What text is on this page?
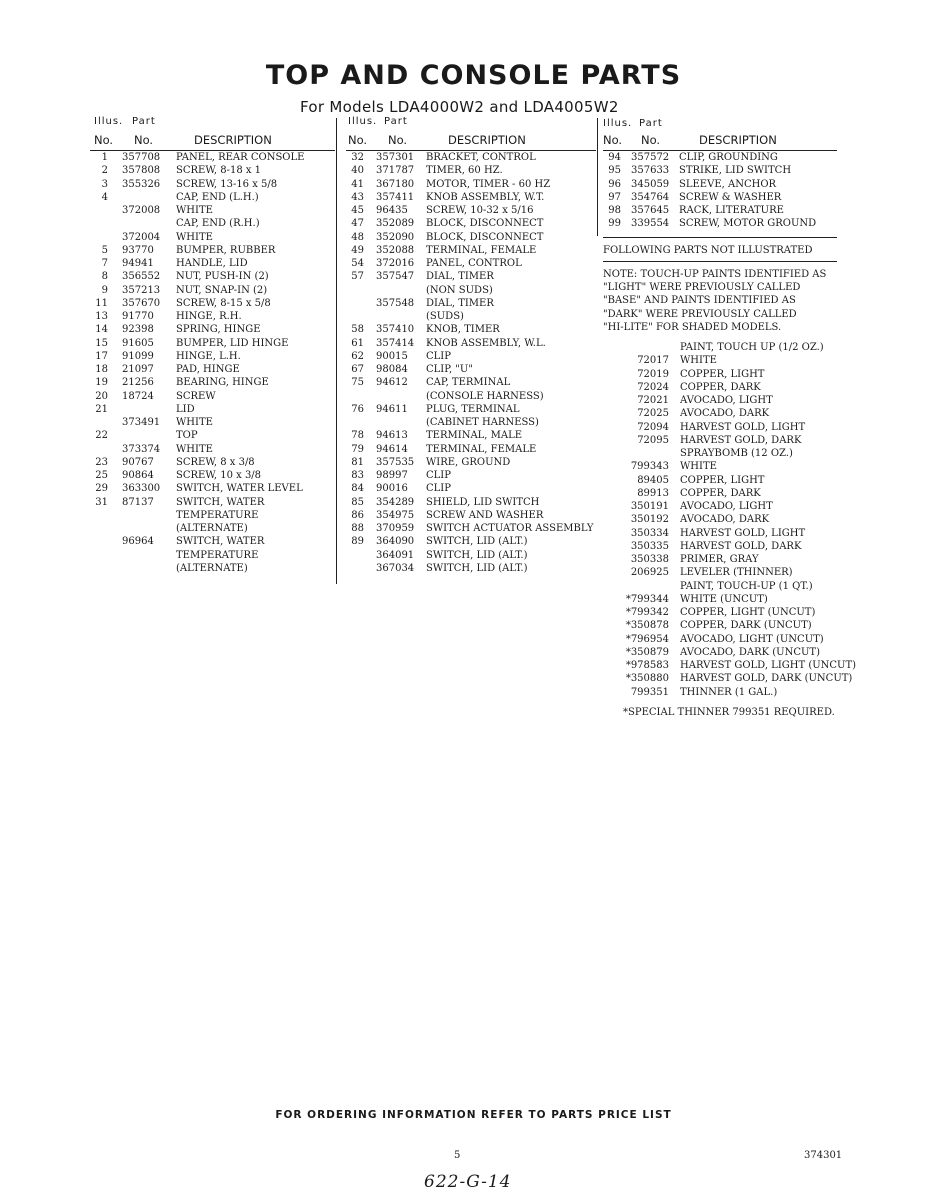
TOP AND CONSOLE PARTS
For Models LDA4000W2 and LDA4005W2
Illus. Part
No. No.	DESCRIPTION
1 357708 PANEL, REAR CONSOLE
2 357808 SCREW, 8-18 x 1
3 355326 SCREW, 13-16 x 5/8
4	CAP, END (L.H.)
372008 WHITE
CAP, END (R.H.)
372004 WHITE
5 93770 BUMPER, RUBBER
7 94941 HANDLE, LID
8 356552 NUT, PUSH-IN (2)
9 357213 NUT, SNAP-IN (2)
11 357670 SCREW, 8-15 x 5/8
13 91770 HINGE, R.H.
14 92398 SPRING, HINGE
15 91605 BUMPER, LID HINGE
17 91099 HINGE, L.H.
18 21097 PAD, HINGE
19 21256 BEARING, HINGE
20 18724 SCREW
21	LID
373491 WHITE
22	TOP
373374 WHITE
23 90767 SCREW, 8 x 3/8
25 90864 SCREW, 10 x 3/8
29 363300 SWITCH, WATER LEVEL
31 87137 SWITCH, WATER
TEMPERATURE
(ALTERNATE)
96964 SWITCH, WATER
TEMPERATURE
(ALTERNATE)
Illus. Part
No. No.	DESCRIPTION
32 357301 BRACKET, CONTROL
40 371787 TIMER, 60 HZ.
41 367180 MOTOR, TIMER - 60 HZ
43 357411 KNOB ASSEMBLY, W.T.
45 96435 SCREW, 10-32 x 5/16
47 352089 BLOCK, DISCONNECT
48 352090 BLOCK, DISCONNECT
49 352088 TERMINAL, FEMALE
54 372016 PANEL, CONTROL
57 357547 DIAL, TIMER
(NON SUDS)
357548 DIAL, TIMER
(SUDS)
58 357410 KNOB, TIMER
61 357414 KNOB ASSEMBLY, W.L.
62 90015 CLIP
67 98084 CLIP, "U"
75 94612 CAP, TERMINAL
(CONSOLE HARNESS)
76 94611 PLUG, TERMINAL
(CABINET HARNESS)
78 94613 TERMINAL, MALE
79 94614 TERMINAL, FEMALE
81 357535 WIRE, GROUND
83 98997 CLIP
84 90016 CLIP
85 354289 SHIELD, LID SWITCH
86 354975 SCREW AND WASHER
88 370959 SWITCH ACTUATOR ASSEMBLY
89 364090 SWITCH, LID (ALT.)
364091 SWITCH, LID (ALT.)
367034 SWITCH, LID (ALT.)
Illus. Part
No. No.	DESCRIPTION
94 357572 CLIP, GROUNDING
95 357633 STRIKE, LID SWITCH
96 345059 SLEEVE, ANCHOR
97 354764 SCREW & WASHER
98 357645 RACK, LITERATURE
99 339554 SCREW, MOTOR GROUND
FOLLOWING PARTS NOT ILLUSTRATED
NOTE: TOUCH-UP PAINTS IDENTIFIED AS
"LIGHT" WERE PREVIOUSLY CALLED
"BASE" AND PAINTS IDENTIFIED AS
"DARK" WERE PREVIOUSLY CALLED
"HI-LITE" FOR SHADED MODELS.
PAINT, TOUCH UP (1/2 OZ.)
72017 WHITE
72019 COPPER, LIGHT
72024 COPPER, DARK
72021 AVOCADO, LIGHT
72025 AVOCADO, DARK
72094 HARVEST GOLD, LIGHT
72095 HARVEST GOLD, DARK
SPRAYBOMB (12 OZ.)
799343 WHITE
89405 COPPER, LIGHT
89913 COPPER, DARK
350191 AVOCADO, LIGHT
350192 AVOCADO, DARK
350334 HARVEST GOLD, LIGHT
350335 HARVEST GOLD, DARK
350338 PRIMER, GRAY
206925 LEVELER (THINNER)
PAINT, TOUCH-UP (1 QT.)
*799344 WHITE (UNCUT)
*799342 COPPER, LIGHT (UNCUT)
*350878 COPPER, DARK (UNCUT)
*796954 AVOCADO, LIGHT (UNCUT)
*350879 AVOCADO, DARK (UNCUT)
*978583 HARVEST GOLD, LIGHT (UNCUT)
*350880 HARVEST GOLD, DARK (UNCUT)
799351 THINNER (1 GAL.)
*SPECIAL THINNER 799351 REQUIRED.
FOR ORDERING INFORMATION REFER TO PARTS PRICE LIST
5	374301
622-G-14
